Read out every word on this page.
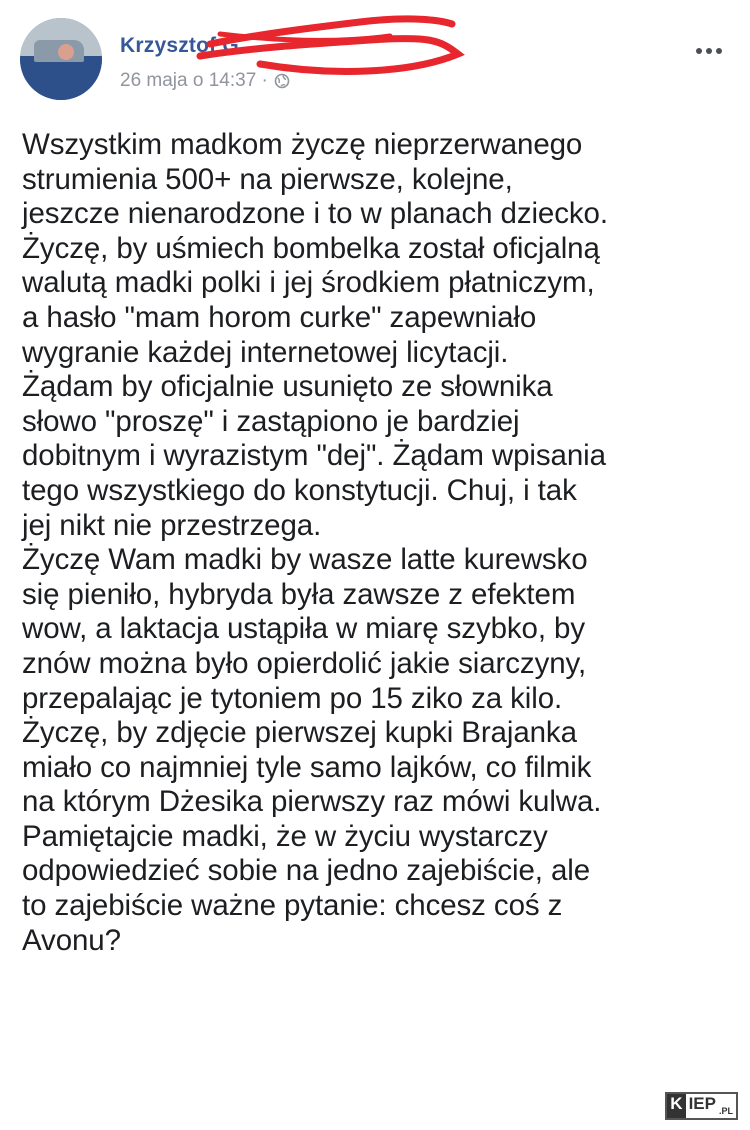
Krzysztof G
26 maja o 14:37 ·
Wszystkim madkom życzę nieprzerwanego
strumienia 500+ na pierwsze, kolejne,
jeszcze nienarodzone i to w planach dziecko.
Życzę, by uśmiech bombelka został oficjalną
walutą madki polki i jej środkiem płatniczym,
a hasło "mam horom curke" zapewniało
wygranie każdej internetowej licytacji.
Żądam by oficjalnie usunięto ze słownika
słowo "proszę" i zastąpiono je bardziej
dobitnym i wyrazistym "dej". Żądam wpisania
tego wszystkiego do konstytucji. Chuj, i tak
jej nikt nie przestrzega.
Życzę Wam madki by wasze latte kurewsko
się pieniło, hybryda była zawsze z efektem
wow, a laktacja ustąpiła w miarę szybko, by
znów można było opierdolić jakie siarczyny,
przepalając je tytoniem po 15 ziko za kilo.
Życzę, by zdjęcie pierwszej kupki Brajanka
miało co najmniej tyle samo lajków, co filmik
na którym Dżesika pierwszy raz mówi kulwa.
Pamiętajcie madki, że w życiu wystarczy
odpowiedzieć sobie na jedno zajebiście, ale
to zajebiście ważne pytanie: chcesz coś z
Avonu?
K IEP .PL
